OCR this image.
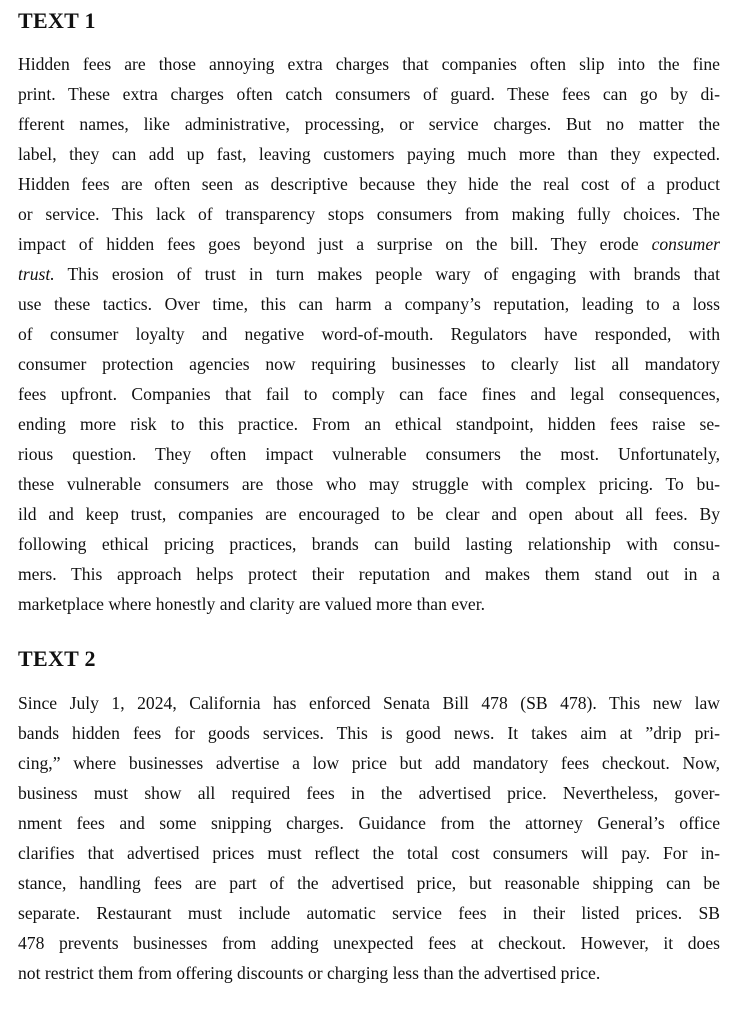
TEXT 1
Hidden fees are those annoying extra charges that companies often slip into the fine
print. These extra charges often catch consumers of guard. These fees can go by di-
fferent names, like administrative, processing, or service charges. But no matter the
label, they can add up fast, leaving customers paying much more than they expected.
Hidden fees are often seen as descriptive because they hide the real cost of a product
or service. This lack of transparency stops consumers from making fully choices. The
impact of hidden fees goes beyond just a surprise on the bill. They erode consumer
trust. This erosion of trust in turn makes people wary of engaging with brands that
use these tactics. Over time, this can harm a company’s reputation, leading to a loss
of consumer loyalty and negative word-of-mouth. Regulators have responded, with
consumer protection agencies now requiring businesses to clearly list all mandatory
fees upfront. Companies that fail to comply can face fines and legal consequences,
ending more risk to this practice. From an ethical standpoint, hidden fees raise se-
rious question. They often impact vulnerable consumers the most. Unfortunately,
these vulnerable consumers are those who may struggle with complex pricing. To bu-
ild and keep trust, companies are encouraged to be clear and open about all fees. By
following ethical pricing practices, brands can build lasting relationship with consu-
mers. This approach helps protect their reputation and makes them stand out in a
marketplace where honestly and clarity are valued more than ever.
TEXT 2
Since July 1, 2024, California has enforced Senata Bill 478 (SB 478). This new law
bands hidden fees for goods services. This is good news. It takes aim at ”drip pri-
cing,” where businesses advertise a low price but add mandatory fees checkout. Now,
business must show all required fees in the advertised price. Nevertheless, gover-
nment fees and some snipping charges. Guidance from the attorney General’s office
clarifies that advertised prices must reflect the total cost consumers will pay. For in-
stance, handling fees are part of the advertised price, but reasonable shipping can be
separate. Restaurant must include automatic service fees in their listed prices. SB
478 prevents businesses from adding unexpected fees at checkout. However, it does
not restrict them from offering discounts or charging less than the advertised price.
